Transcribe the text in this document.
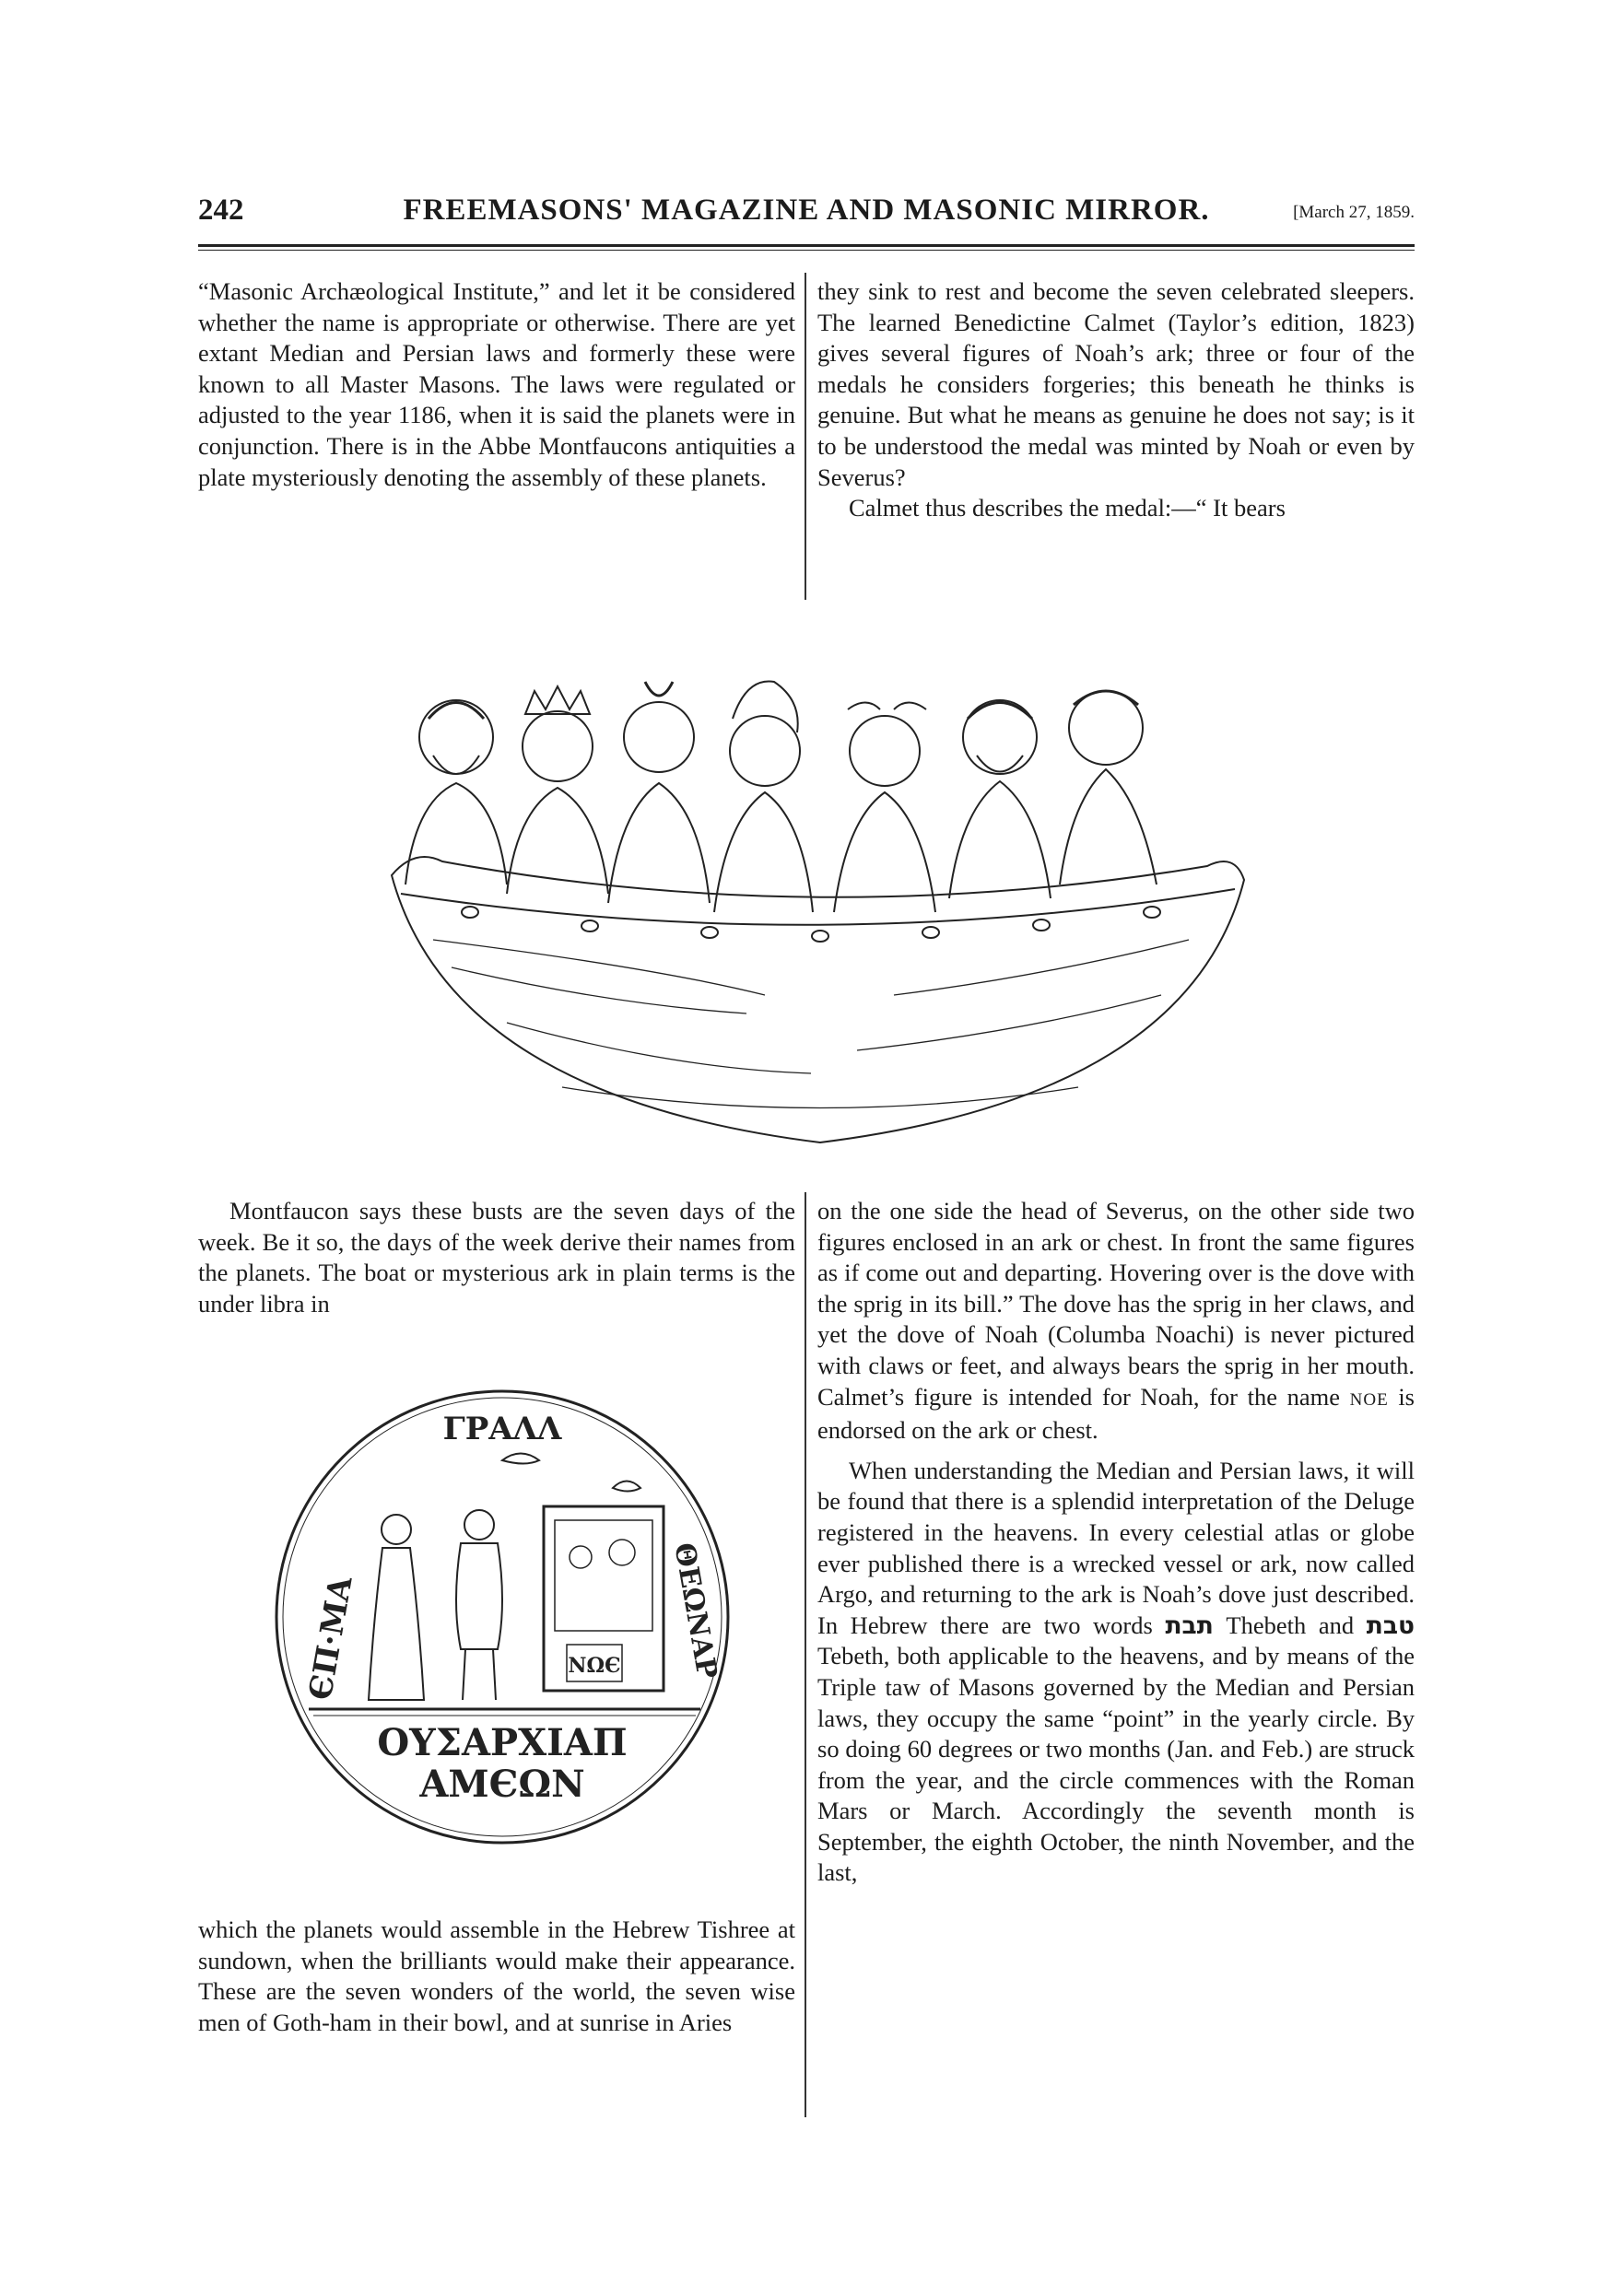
242	FREEMASONS' MAGAZINE AND MASONIC MIRROR.	[March 27, 1859.

“Masonic Archæological Institute,” and let it be considered whether the name is appropriate or otherwise. There are yet extant Median and Persian laws and formerly these were known to all Master Masons. The laws were regulated or adjusted to the year 1186, when it is said the planets were in conjunction. There is in the Abbe Montfaucons antiquities a plate mysteriously denoting the assembly of these planets.

they sink to rest and become the seven celebrated sleepers. The learned Benedictine Calmet (Taylor’s edition, 1823) gives several figures of Noah’s ark; three or four of the medals he considers forgeries; this beneath he thinks is genuine. But what he means as genuine he does not say; is it to be understood the medal was minted by Noah or even by Severus?

Calmet thus describes the medal:—“ It bears

Montfaucon says these busts are the seven days of the week. Be it so, the days of the week derive their names from the planets. The boat or mysterious ark in plain terms is the under libra in

ЄΠ·ΜΑ
ΓΡΑΛΛ
ΘΕΩΝΑΡ
ΝΩЄ
ΟΥΣΑΡΧΙΑΠ
ΑΜЄΩΝ

which the planets would assemble in the Hebrew Tishree at sundown, when the brilliants would make their appearance. These are the seven wonders of the world, the seven wise men of Goth-ham in their bowl, and at sunrise in Aries

on the one side the head of Severus, on the other side two figures enclosed in an ark or chest. In front the same figures as if come out and departing. Hovering over is the dove with the sprig in its bill.” The dove has the sprig in her claws, and yet the dove of Noah (Columba Noachi) is never pictured with claws or feet, and always bears the sprig in her mouth. Calmet’s figure is intended for Noah, for the name NOE is endorsed on the ark or chest.

When understanding the Median and Persian laws, it will be found that there is a splendid interpretation of the Deluge registered in the heavens. In every celestial atlas or globe ever published there is a wrecked vessel or ark, now called Argo, and returning to the ark is Noah’s dove just described. In Hebrew there are two words תבת Thebeth and טבת Tebeth, both applicable to the heavens, and by means of the Triple taw of Masons governed by the Median and Persian laws, they occupy the same “point” in the yearly circle. By so doing 60 degrees or two months (Jan. and Feb.) are struck from the year, and the circle commences with the Roman Mars or March. Accordingly the seventh month is September, the eighth October, the ninth November, and the last,
